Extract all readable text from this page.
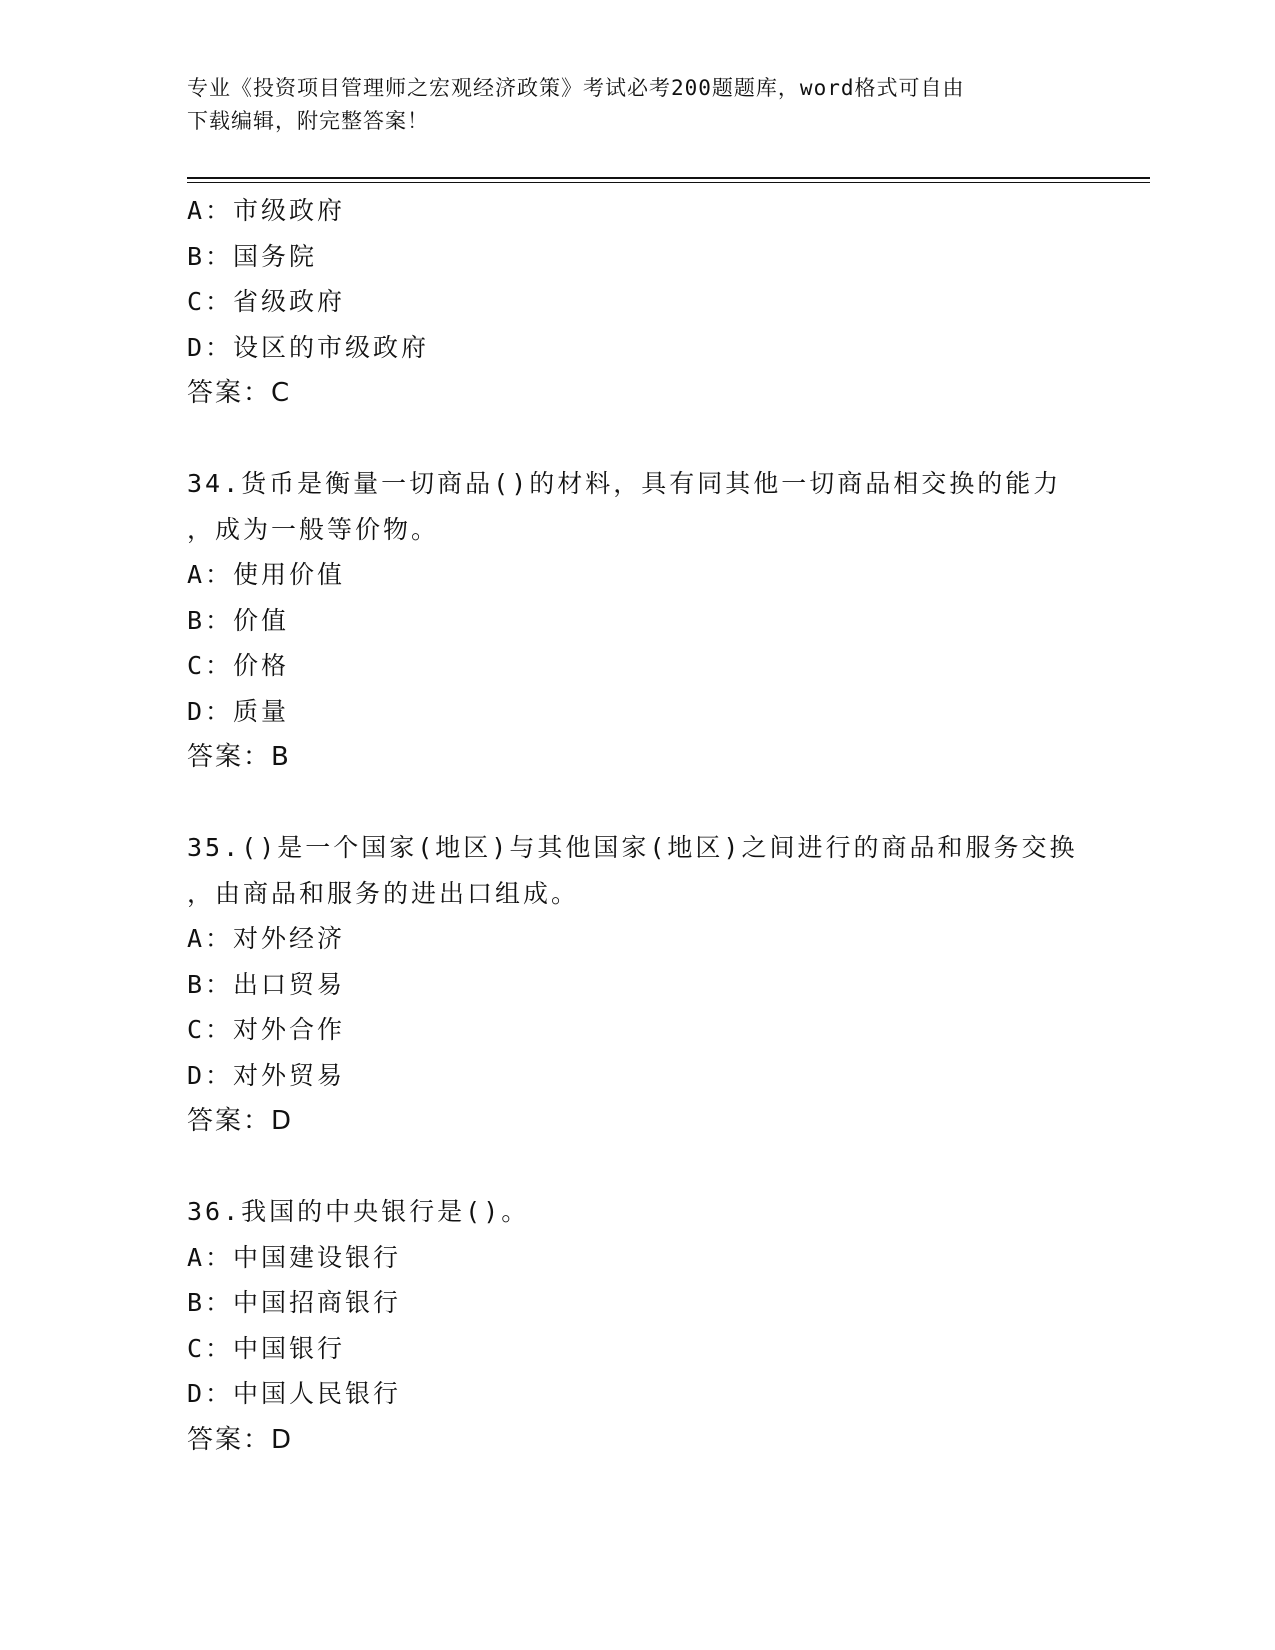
专业《投资项目管理师之宏观经济政策》考试必考200题题库，word格式可自由
下载编辑，附完整答案！
A：市级政府
B：国务院
C：省级政府
D：设区的市级政府
答案：C
34.货币是衡量一切商品()的材料，具有同其他一切商品相交换的能力
，成为一般等价物。
A：使用价值
B：价值
C：价格
D：质量
答案：B
35.()是一个国家(地区)与其他国家(地区)之间进行的商品和服务交换
，由商品和服务的进出口组成。
A：对外经济
B：出口贸易
C：对外合作
D：对外贸易
答案：D
36.我国的中央银行是()。
A：中国建设银行
B：中国招商银行
C：中国银行
D：中国人民银行
答案：D
